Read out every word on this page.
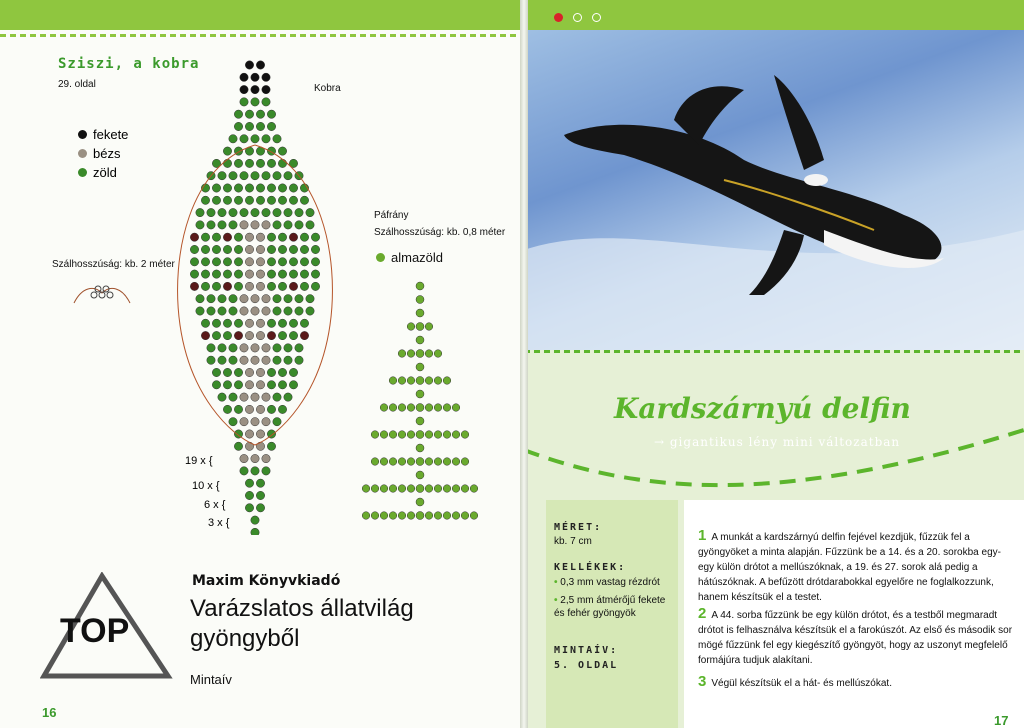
Sziszi, a kobra
29. oldal
fekete
bézs
zöld
Kobra
Szálhosszúság: kb. 2 méter
Páfrány
Szálhosszúság: kb. 0,8 méter
almazöld
19 x {
10 x {
6 x {
3 x {
TOP
Maxim Könyvkiadó
Varázslatos állatvilág gyöngyből
Mintaív
16
Kardszárnyú delfin
→ gigantikus lény mini változatban
MÉRET:
kb. 7 cm
KELLÉKEK:
• 0,3 mm vastag rézdrót
• 2,5 mm átmérőjű fekete és fehér gyöngyök
MINTAÍV:
5. OLDAL
1 A munkát a kardszárnyú delfin fejével kezdjük, fűzzük fel a gyöngyöket a minta alapján. Fűzzünk be a 14. és a 20. sorokba egy-egy külön drótot a mellúszóknak, a 19. és 27. sorok alá pedig a hátúszóknak. A befűzött drótdarabokkal egyelőre ne foglalkozzunk, hanem készítsük el a testet.
2 A 44. sorba fűzzünk be egy külön drótot, és a testből megmaradt drótot is felhasználva készítsük el a farokúszót. Az első és második sor mögé fűzzünk fel egy kiegészítő gyöngyöt, hogy az uszonyt megfelelő formájúra tudjuk alakítani.
3 Végül készítsük el a hát- és mellúszókat.
17
